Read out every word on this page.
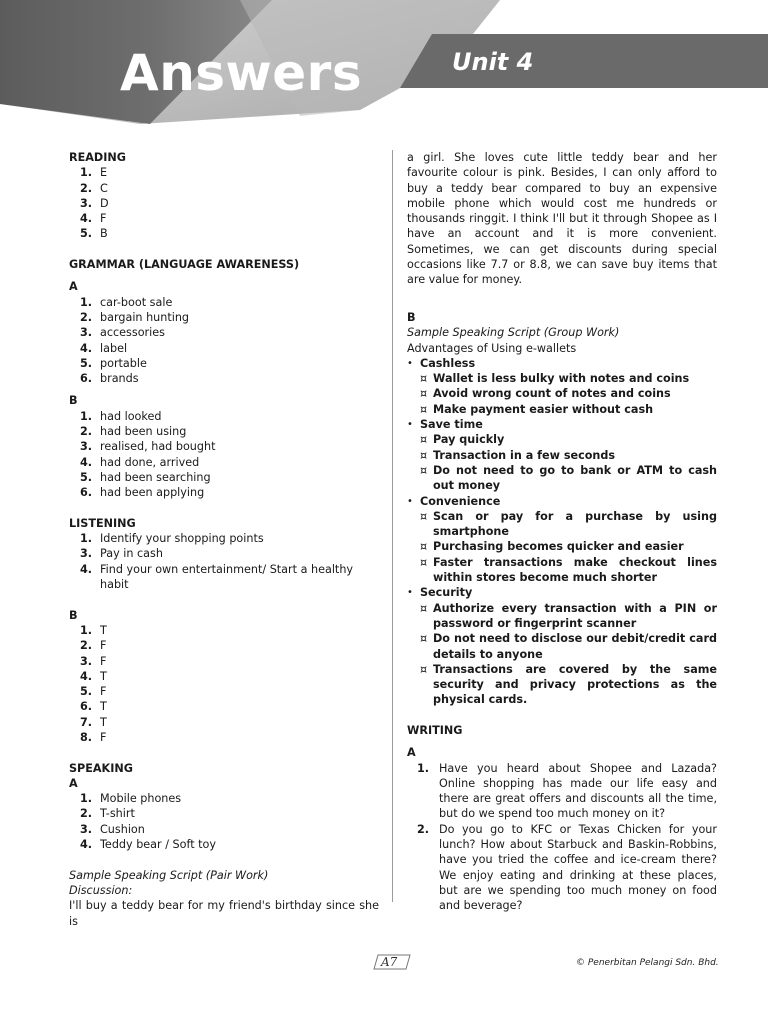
Answers	Unit 4

READING

1. E
2. C
3. D
4. F
5. B

GRAMMAR (LANGUAGE AWARENESS)

A

1. car-boot sale
2. bargain hunting
3. accessories
4. label
5. portable
6. brands

B

1. had looked
2. had been using
3. realised, had bought
4. had done, arrived
5. had been searching
6. had been applying

LISTENING

1. Identify your shopping points
3. Pay in cash
4. Find your own entertainment/ Start a healthy habit

B

1. T
2. F
3. F
4. T
5. F
6. T
7. T
8. F

SPEAKING

A

1. Mobile phones
2. T-shirt
3. Cushion
4. Teddy bear / Soft toy

Sample Speaking Script (Pair Work)

Discussion:

I'll buy a teddy bear for my friend's birthday since she is

a girl. She loves cute little teddy bear and her favourite colour is pink. Besides, I can only afford to buy a teddy bear compared to buy an expensive mobile phone which would cost me hundreds or thousands ringgit. I think I'll but it through Shopee as I have an account and it is more convenient. Sometimes, we can get discounts during special occasions like 7.7 or 8.8, we can save buy items that are value for money.

B

Sample Speaking Script (Group Work)

Advantages of Using e-wallets

• Cashless
¤ Wallet is less bulky with notes and coins
¤ Avoid wrong count of notes and coins
¤ Make payment easier without cash
• Save time
¤ Pay quickly
¤ Transaction in a few seconds
¤ Do not need to go to bank or ATM to cash out money
• Convenience
¤ Scan or pay for a purchase by using smartphone
¤ Purchasing becomes quicker and easier
¤ Faster transactions make checkout lines within stores become much shorter
• Security
¤ Authorize every transaction with a PIN or password or fingerprint scanner
¤ Do not need to disclose our debit/credit card details to anyone
¤ Transactions are covered by the same security and privacy protections as the physical cards.

WRITING

A

1. Have you heard about Shopee and Lazada? Online shopping has made our life easy and there are great offers and discounts all the time, but do we spend too much money on it?
2. Do you go to KFC or Texas Chicken for your lunch? How about Starbuck and Baskin-Robbins, have you tried the coffee and ice-cream there? We enjoy eating and drinking at these places, but are we spending too much money on food and beverage?
A7	© Penerbitan Pelangi Sdn. Bhd.
